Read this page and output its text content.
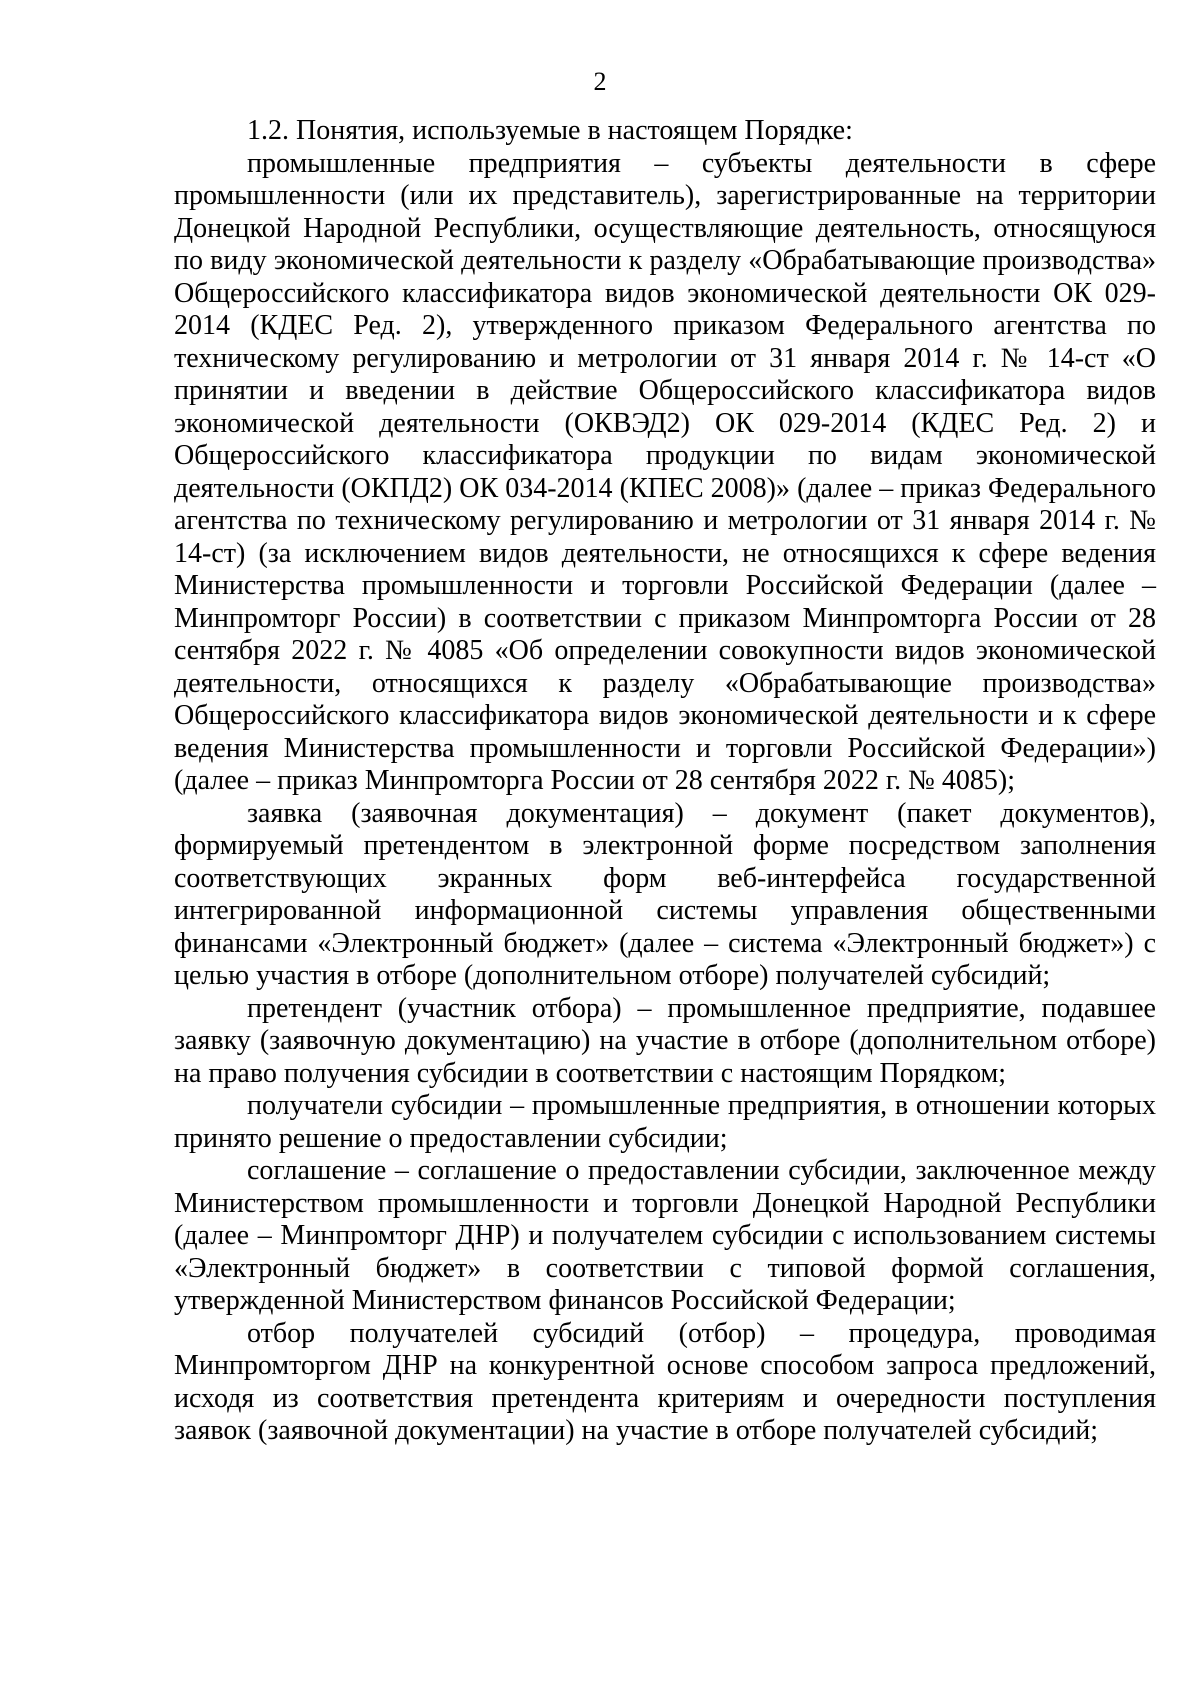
2

1.2. Понятия, используемые в настоящем Порядке:

промышленные предприятия – субъекты деятельности в сфере промышленности (или их представитель), зарегистрированные на территории Донецкой Народной Республики, осуществляющие деятельность, относящуюся по виду экономической деятельности к разделу «Обрабатывающие производства» Общероссийского классификатора видов экономической деятельности ОК 029-2014 (КДЕС Ред. 2), утвержденного приказом Федерального агентства по техническому регулированию и метрологии от 31 января 2014 г. № 14-ст «О принятии и введении в действие Общероссийского классификатора видов экономической деятельности (ОКВЭД2) ОК 029-2014 (КДЕС Ред. 2) и Общероссийского классификатора продукции по видам экономической деятельности (ОКПД2) ОК 034-2014 (КПЕС 2008)» (далее – приказ Федерального агентства по техническому регулированию и метрологии от 31 января 2014 г. № 14-ст) (за исключением видов деятельности, не относящихся к сфере ведения Министерства промышленности и торговли Российской Федерации (далее – Минпромторг России) в соответствии с приказом Минпромторга России от 28 сентября 2022 г. № 4085 «Об определении совокупности видов экономической деятельности, относящихся к разделу «Обрабатывающие производства» Общероссийского классификатора видов экономической деятельности и к сфере ведения Министерства промышленности и торговли Российской Федерации») (далее – приказ Минпромторга России от 28 сентября 2022 г. № 4085);

заявка (заявочная документация) – документ (пакет документов), формируемый претендентом в электронной форме посредством заполнения соответствующих экранных форм веб-интерфейса государственной интегрированной информационной системы управления общественными финансами «Электронный бюджет» (далее – система «Электронный бюджет») с целью участия в отборе (дополнительном отборе) получателей субсидий;

претендент (участник отбора) – промышленное предприятие, подавшее заявку (заявочную документацию) на участие в отборе (дополнительном отборе) на право получения субсидии в соответствии с настоящим Порядком;

получатели субсидии – промышленные предприятия, в отношении которых принято решение о предоставлении субсидии;

соглашение – соглашение о предоставлении субсидии, заключенное между Министерством промышленности и торговли Донецкой Народной Республики (далее – Минпромторг ДНР) и получателем субсидии с использованием системы «Электронный бюджет» в соответствии с типовой формой соглашения, утвержденной Министерством финансов Российской Федерации;

отбор получателей субсидий (отбор) – процедура, проводимая Минпромторгом ДНР на конкурентной основе способом запроса предложений, исходя из соответствия претендента критериям и очередности поступления заявок (заявочной документации) на участие в отборе получателей субсидий;
